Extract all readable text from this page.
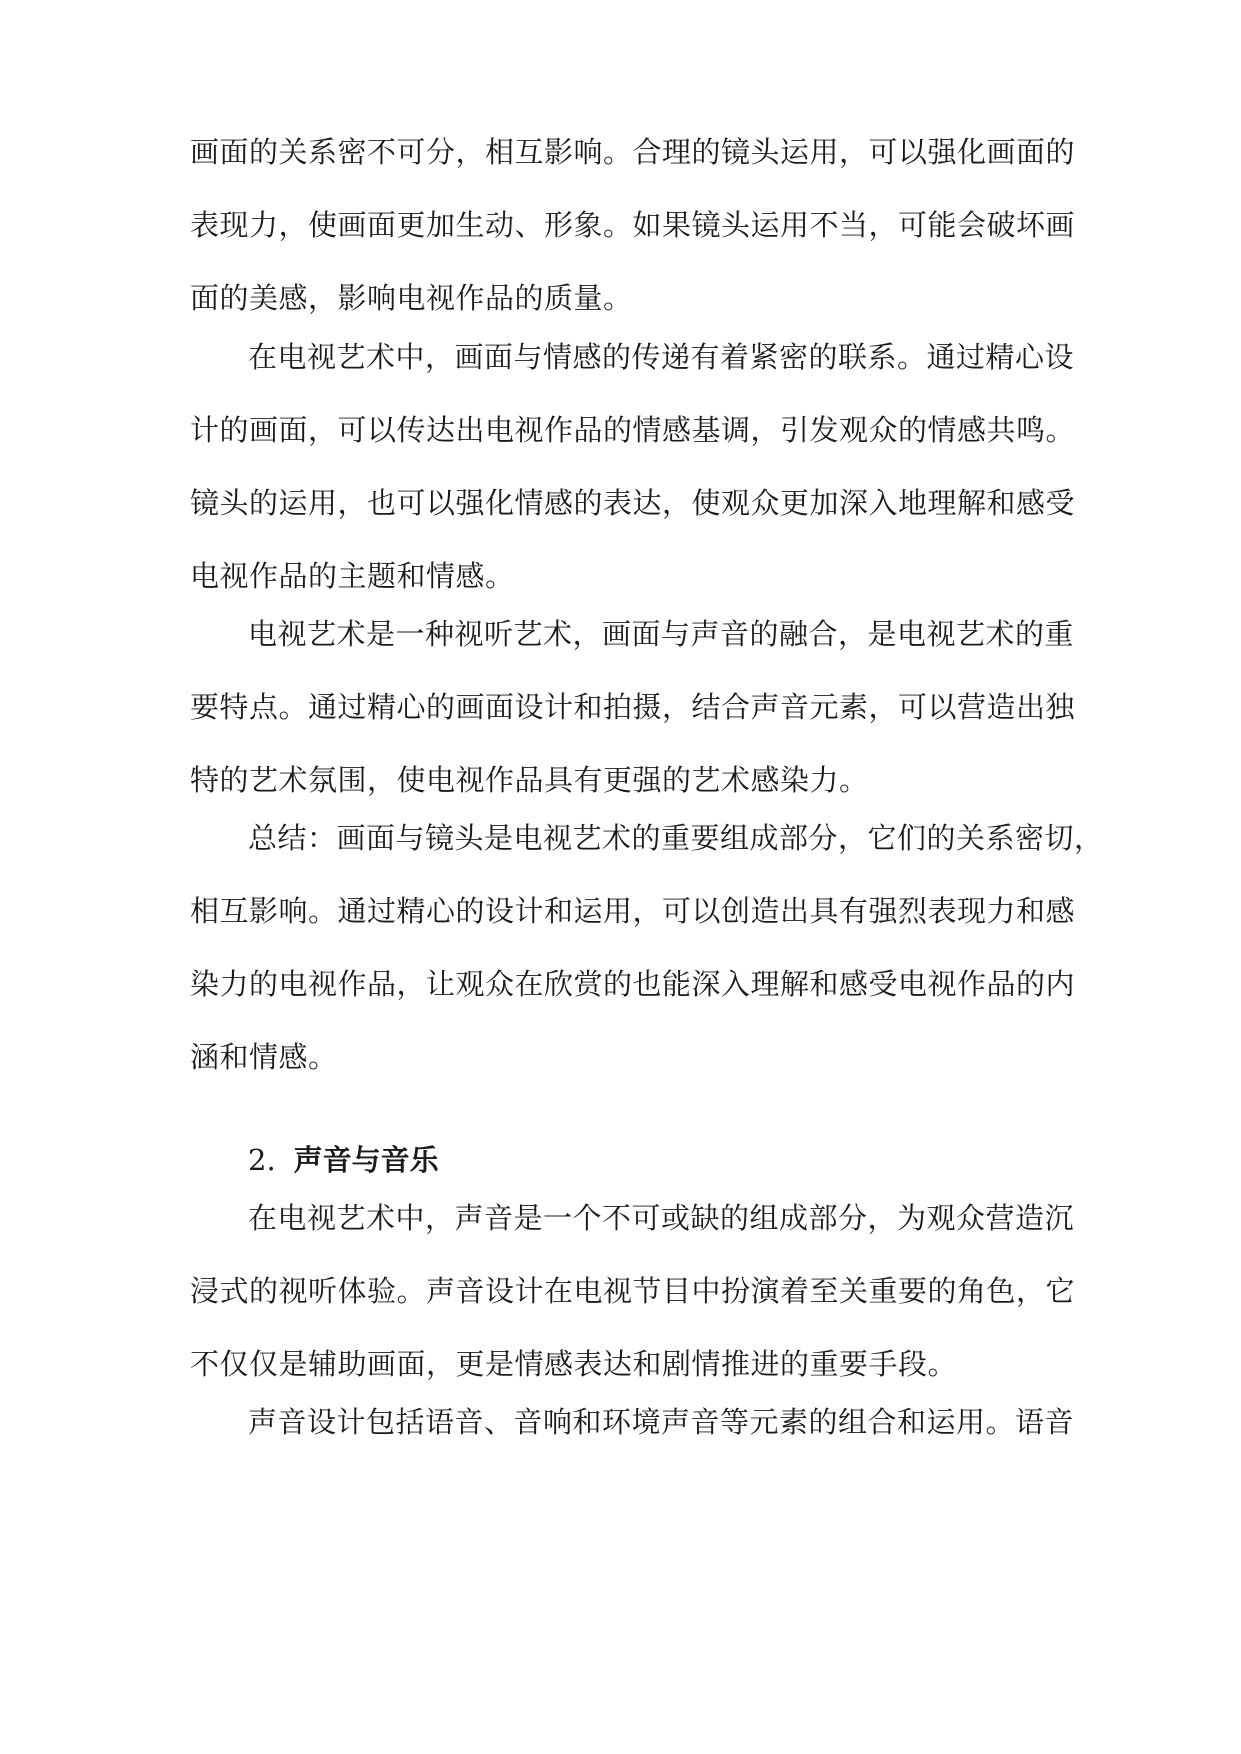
画面的关系密不可分，相互影响。合理的镜头运用，可以强化画面的
表现力，使画面更加生动、形象。如果镜头运用不当，可能会破坏画
面的美感，影响电视作品的质量。
在电视艺术中，画面与情感的传递有着紧密的联系。通过精心设
计的画面，可以传达出电视作品的情感基调，引发观众的情感共鸣。
镜头的运用，也可以强化情感的表达，使观众更加深入地理解和感受
电视作品的主题和情感。
电视艺术是一种视听艺术，画面与声音的融合，是电视艺术的重
要特点。通过精心的画面设计和拍摄，结合声音元素，可以营造出独
特的艺术氛围，使电视作品具有更强的艺术感染力。
总结：画面与镜头是电视艺术的重要组成部分，它们的关系密切，
相互影响。通过精心的设计和运用，可以创造出具有强烈表现力和感
染力的电视作品，让观众在欣赏的也能深入理解和感受电视作品的内
涵和情感。
2. 声音与音乐
在电视艺术中，声音是一个不可或缺的组成部分，为观众营造沉
浸式的视听体验。声音设计在电视节目中扮演着至关重要的角色，它
不仅仅是辅助画面，更是情感表达和剧情推进的重要手段。
声音设计包括语音、音响和环境声音等元素的组合和运用。语音
